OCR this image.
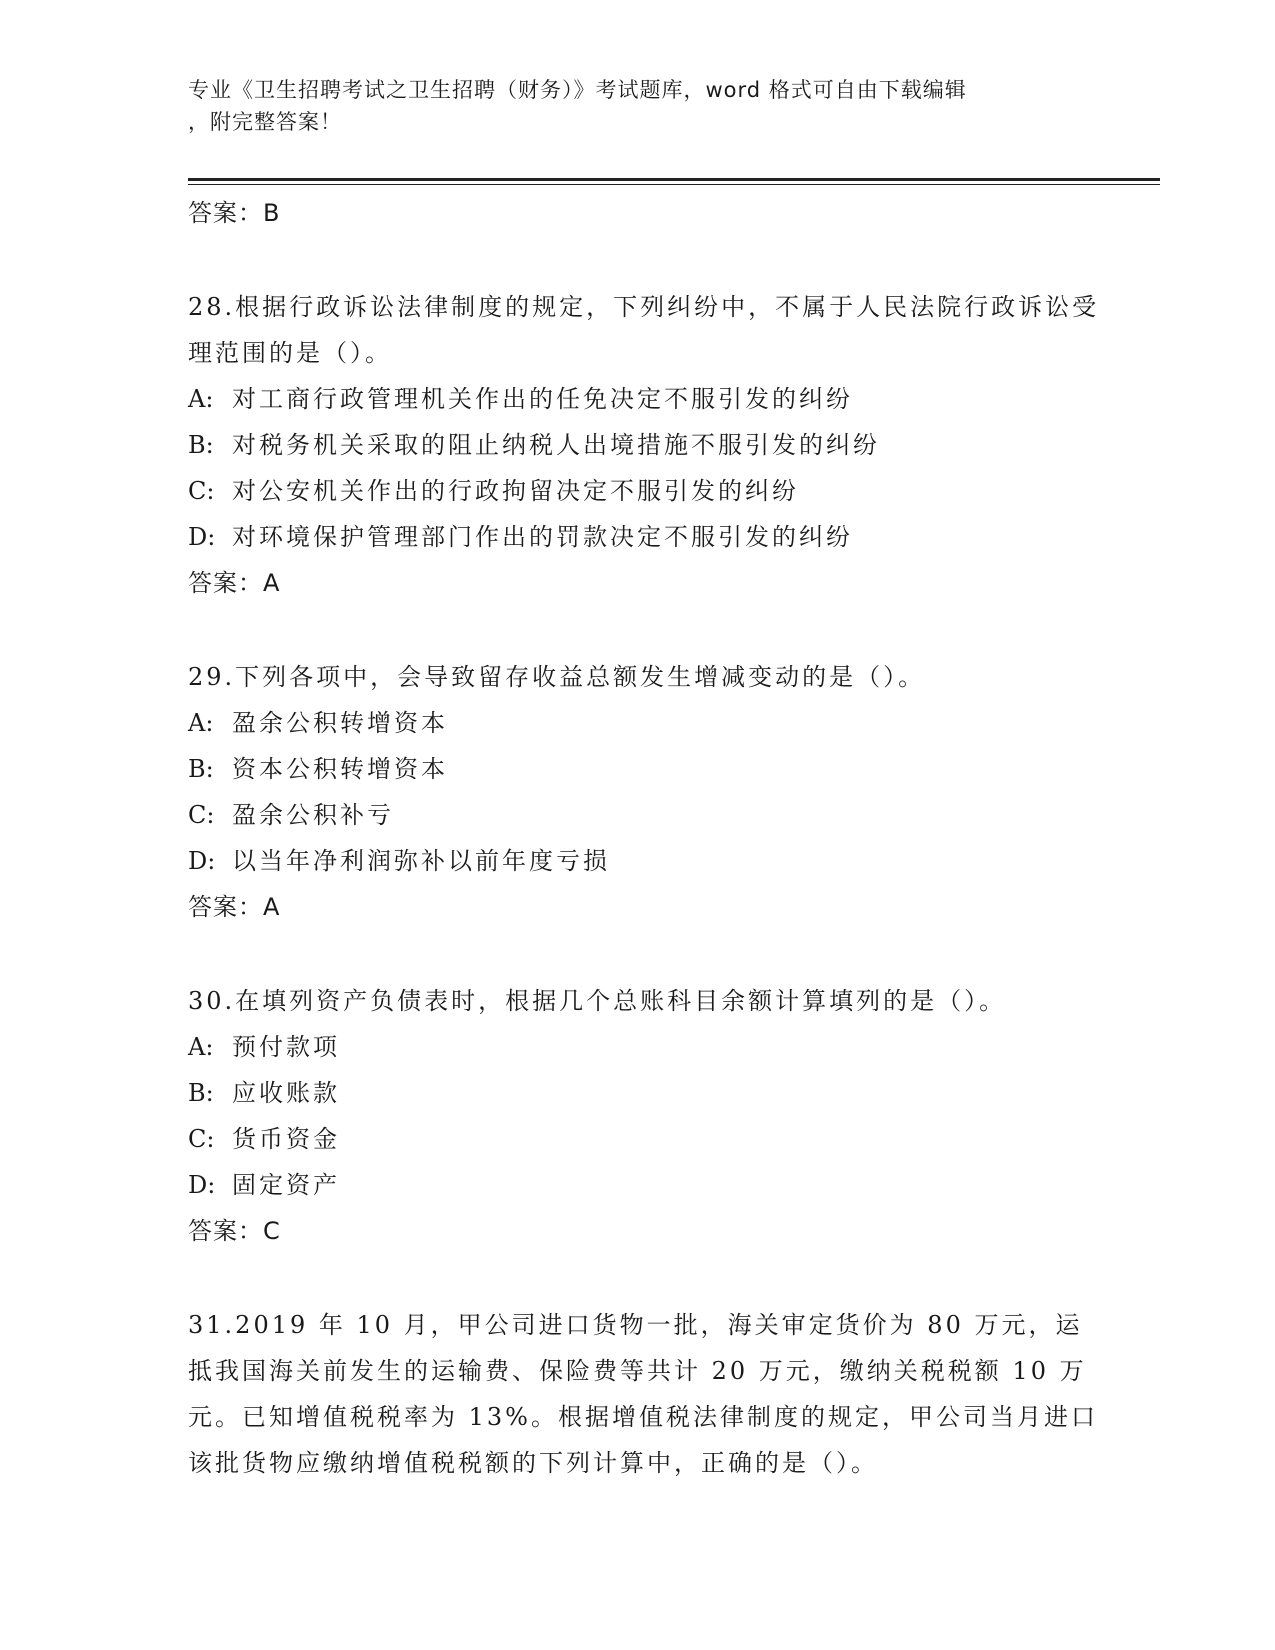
专业《卫生招聘考试之卫生招聘（财务）》考试题库，word 格式可自由下载编辑
，附完整答案！
答案：B
28.根据行政诉讼法律制度的规定，下列纠纷中，不属于人民法院行政诉讼受理范围的是（）。
A: 对工商行政管理机关作出的任免决定不服引发的纠纷
B: 对税务机关采取的阻止纳税人出境措施不服引发的纠纷
C: 对公安机关作出的行政拘留决定不服引发的纠纷
D: 对环境保护管理部门作出的罚款决定不服引发的纠纷
答案：A
29.下列各项中，会导致留存收益总额发生增减变动的是（）。
A: 盈余公积转增资本
B: 资本公积转增资本
C: 盈余公积补亏
D: 以当年净利润弥补以前年度亏损
答案：A
30.在填列资产负债表时，根据几个总账科目余额计算填列的是（）。
A: 预付款项
B: 应收账款
C: 货币资金
D: 固定资产
答案：C
31.2019 年 10 月，甲公司进口货物一批，海关审定货价为 80 万元，运抵我国海关前发生的运输费、保险费等共计 20 万元，缴纳关税税额 10 万元。已知增值税税率为 13%。根据增值税法律制度的规定，甲公司当月进口该批货物应缴纳增值税税额的下列计算中，正确的是（）。
